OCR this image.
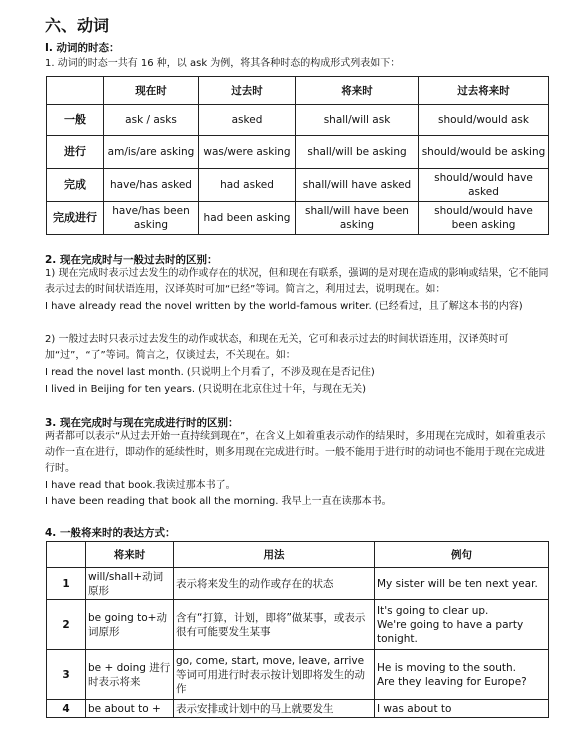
六、动词
I. 动词的时态：
1. 动词的时态一共有 16 种，以 ask 为例，将其各种时态的构成形式列表如下：
	现在时	过去时	将来时	过去将来时
一般	ask / asks	asked	shall/will ask	should/would ask
进行	am/is/are asking	was/were asking	shall/will be asking	should/would be asking
完成	have/has asked	had asked	shall/will have asked	should/would have asked
完成进行	have/has been asking	had been asking	shall/will have been asking	should/would have been asking
2. 现在完成时与一般过去时的区别：
1) 现在完成时表示过去发生的动作或存在的状况，但和现在有联系，强调的是对现在造成的影响或结果，它不能同表示过去的时间状语连用，汉译英时可加“已经”等词。简言之，利用过去，说明现在。如：
I have already read the novel written by the world-famous writer. (已经看过，且了解这本书的内容)
2) 一般过去时只表示过去发生的动作或状态，和现在无关，它可和表示过去的时间状语连用，汉译英时可加“过”，“了”等词。简言之，仅谈过去，不关现在。如：
I read the novel last month. (只说明上个月看了，不涉及现在是否记住)
I lived in Beijing for ten years. (只说明在北京住过十年，与现在无关)
3. 现在完成时与现在完成进行时的区别：
两者都可以表示“从过去开始一直持续到现在”，在含义上如着重表示动作的结果时，多用现在完成时，如着重表示动作一直在进行，即动作的延续性时，则多用现在完成进行时。一般不能用于进行时的动词也不能用于现在完成进行时。
I have read that book.我读过那本书了。
I have been reading that book all the morning. 我早上一直在读那本书。
4. 一般将来时的表达方式：
	将来时	用法	例句
1	will/shall+动词原形	表示将来发生的动作或存在的状态	My sister will be ten next year.
2	be going to+动词原形	含有“打算，计划，即将”做某事，或表示很有可能要发生某事	It's going to clear up.
We're going to have a party tonight.
3	be + doing 进行时表示将来	go, come, start, move, leave, arrive 等词可用进行时表示按计划即将发生的动作	He is moving to the south.
Are they leaving for Europe?
4	be about to +	表示安排或计划中的马上就要发生	I was about to
